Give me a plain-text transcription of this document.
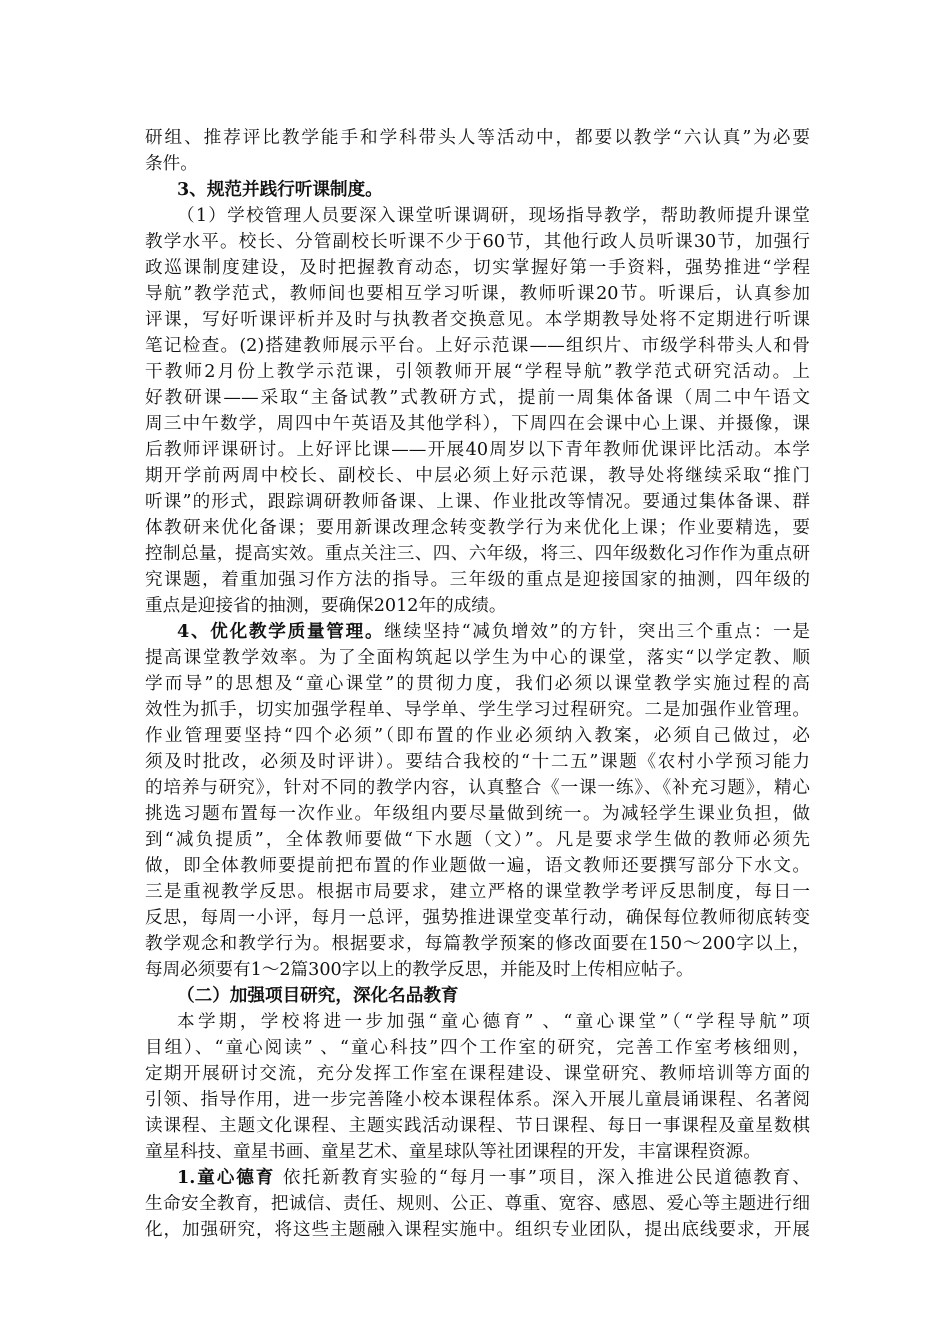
研组、推荐评比教学能手和学科带头人等活动中，都要以教学“六认真”为必要
条件。
3、规范并践行听课制度。
（1）学校管理人员要深入课堂听课调研，现场指导教学，帮助教师提升课堂
教学水平。校长、分管副校长听课不少于60节，其他行政人员听课30节，加强行
政巡课制度建设，及时把握教育动态，切实掌握好第一手资料，强势推进“学程
导航”教学范式，教师间也要相互学习听课，教师听课20节。听课后，认真参加
评课，写好听课评析并及时与执教者交换意见。本学期教导处将不定期进行听课
笔记检查。(2)搭建教师展示平台。上好示范课——组织片、市级学科带头人和骨
干教师2月份上教学示范课，引领教师开展“学程导航”教学范式研究活动。上
好教研课——采取“主备试教”式教研方式，提前一周集体备课（周二中午语文
周三中午数学，周四中午英语及其他学科），下周四在会课中心上课、并摄像，课
后教师评课研讨。上好评比课——开展40周岁以下青年教师优课评比活动。本学
期开学前两周中校长、副校长、中层必须上好示范课，教导处将继续采取“推门
听课”的形式，跟踪调研教师备课、上课、作业批改等情况。要通过集体备课、群
体教研来优化备课；要用新课改理念转变教学行为来优化上课；作业要精选，要
控制总量，提高实效。重点关注三、四、六年级，将三、四年级数化习作作为重点研
究课题，着重加强习作方法的指导。三年级的重点是迎接国家的抽测，四年级的
重点是迎接省的抽测，要确保2012年的成绩。
4、优化教学质量管理。继续坚持“减负增效”的方针，突出三个重点：一是
提高课堂教学效率。为了全面构筑起以学生为中心的课堂，落实“以学定教、顺
学而导”的思想及“童心课堂”的贯彻力度，我们必须以课堂教学实施过程的高
效性为抓手，切实加强学程单、导学单、学生学习过程研究。二是加强作业管理。
作业管理要坚持“四个必须”（即布置的作业必须纳入教案，必须自己做过，必
须及时批改，必须及时评讲）。要结合我校的“十二五”课题《农村小学预习能力
的培养与研究》，针对不同的教学内容，认真整合《一课一练》、《补充习题》，精心
挑选习题布置每一次作业。年级组内要尽量做到统一。为减轻学生课业负担，做
到“减负提质”，全体教师要做“下水题（文）”。凡是要求学生做的教师必须先
做，即全体教师要提前把布置的作业题做一遍，语文教师还要撰写部分下水文。
三是重视教学反思。根据市局要求，建立严格的课堂教学考评反思制度，每日一
反思，每周一小评，每月一总评，强势推进课堂变革行动，确保每位教师彻底转变
教学观念和教学行为。根据要求，每篇教学预案的修改面要在150～200字以上，
每周必须要有1～2篇300字以上的教学反思，并能及时上传相应帖子。
（二）加强项目研究，深化名品教育
本学期，学校将进一步加强“童心德育” 、“童心课堂”（“学程导航”项
目组）、“童心阅读” 、“童心科技”四个工作室的研究，完善工作室考核细则，
定期开展研讨交流，充分发挥工作室在课程建设、课堂研究、教师培训等方面的
引领、指导作用，进一步完善隆小校本课程体系。深入开展儿童晨诵课程、名著阅
读课程、主题文化课程、主题实践活动课程、节日课程、每日一事课程及童星数棋
童星科技、童星书画、童星艺术、童星球队等社团课程的开发，丰富课程资源。
1.童心德育 依托新教育实验的“每月一事”项目，深入推进公民道德教育、
生命安全教育，把诚信、责任、规则、公正、尊重、宽容、感恩、爱心等主题进行细
化，加强研究，将这些主题融入课程实施中。组织专业团队，提出底线要求，开展
